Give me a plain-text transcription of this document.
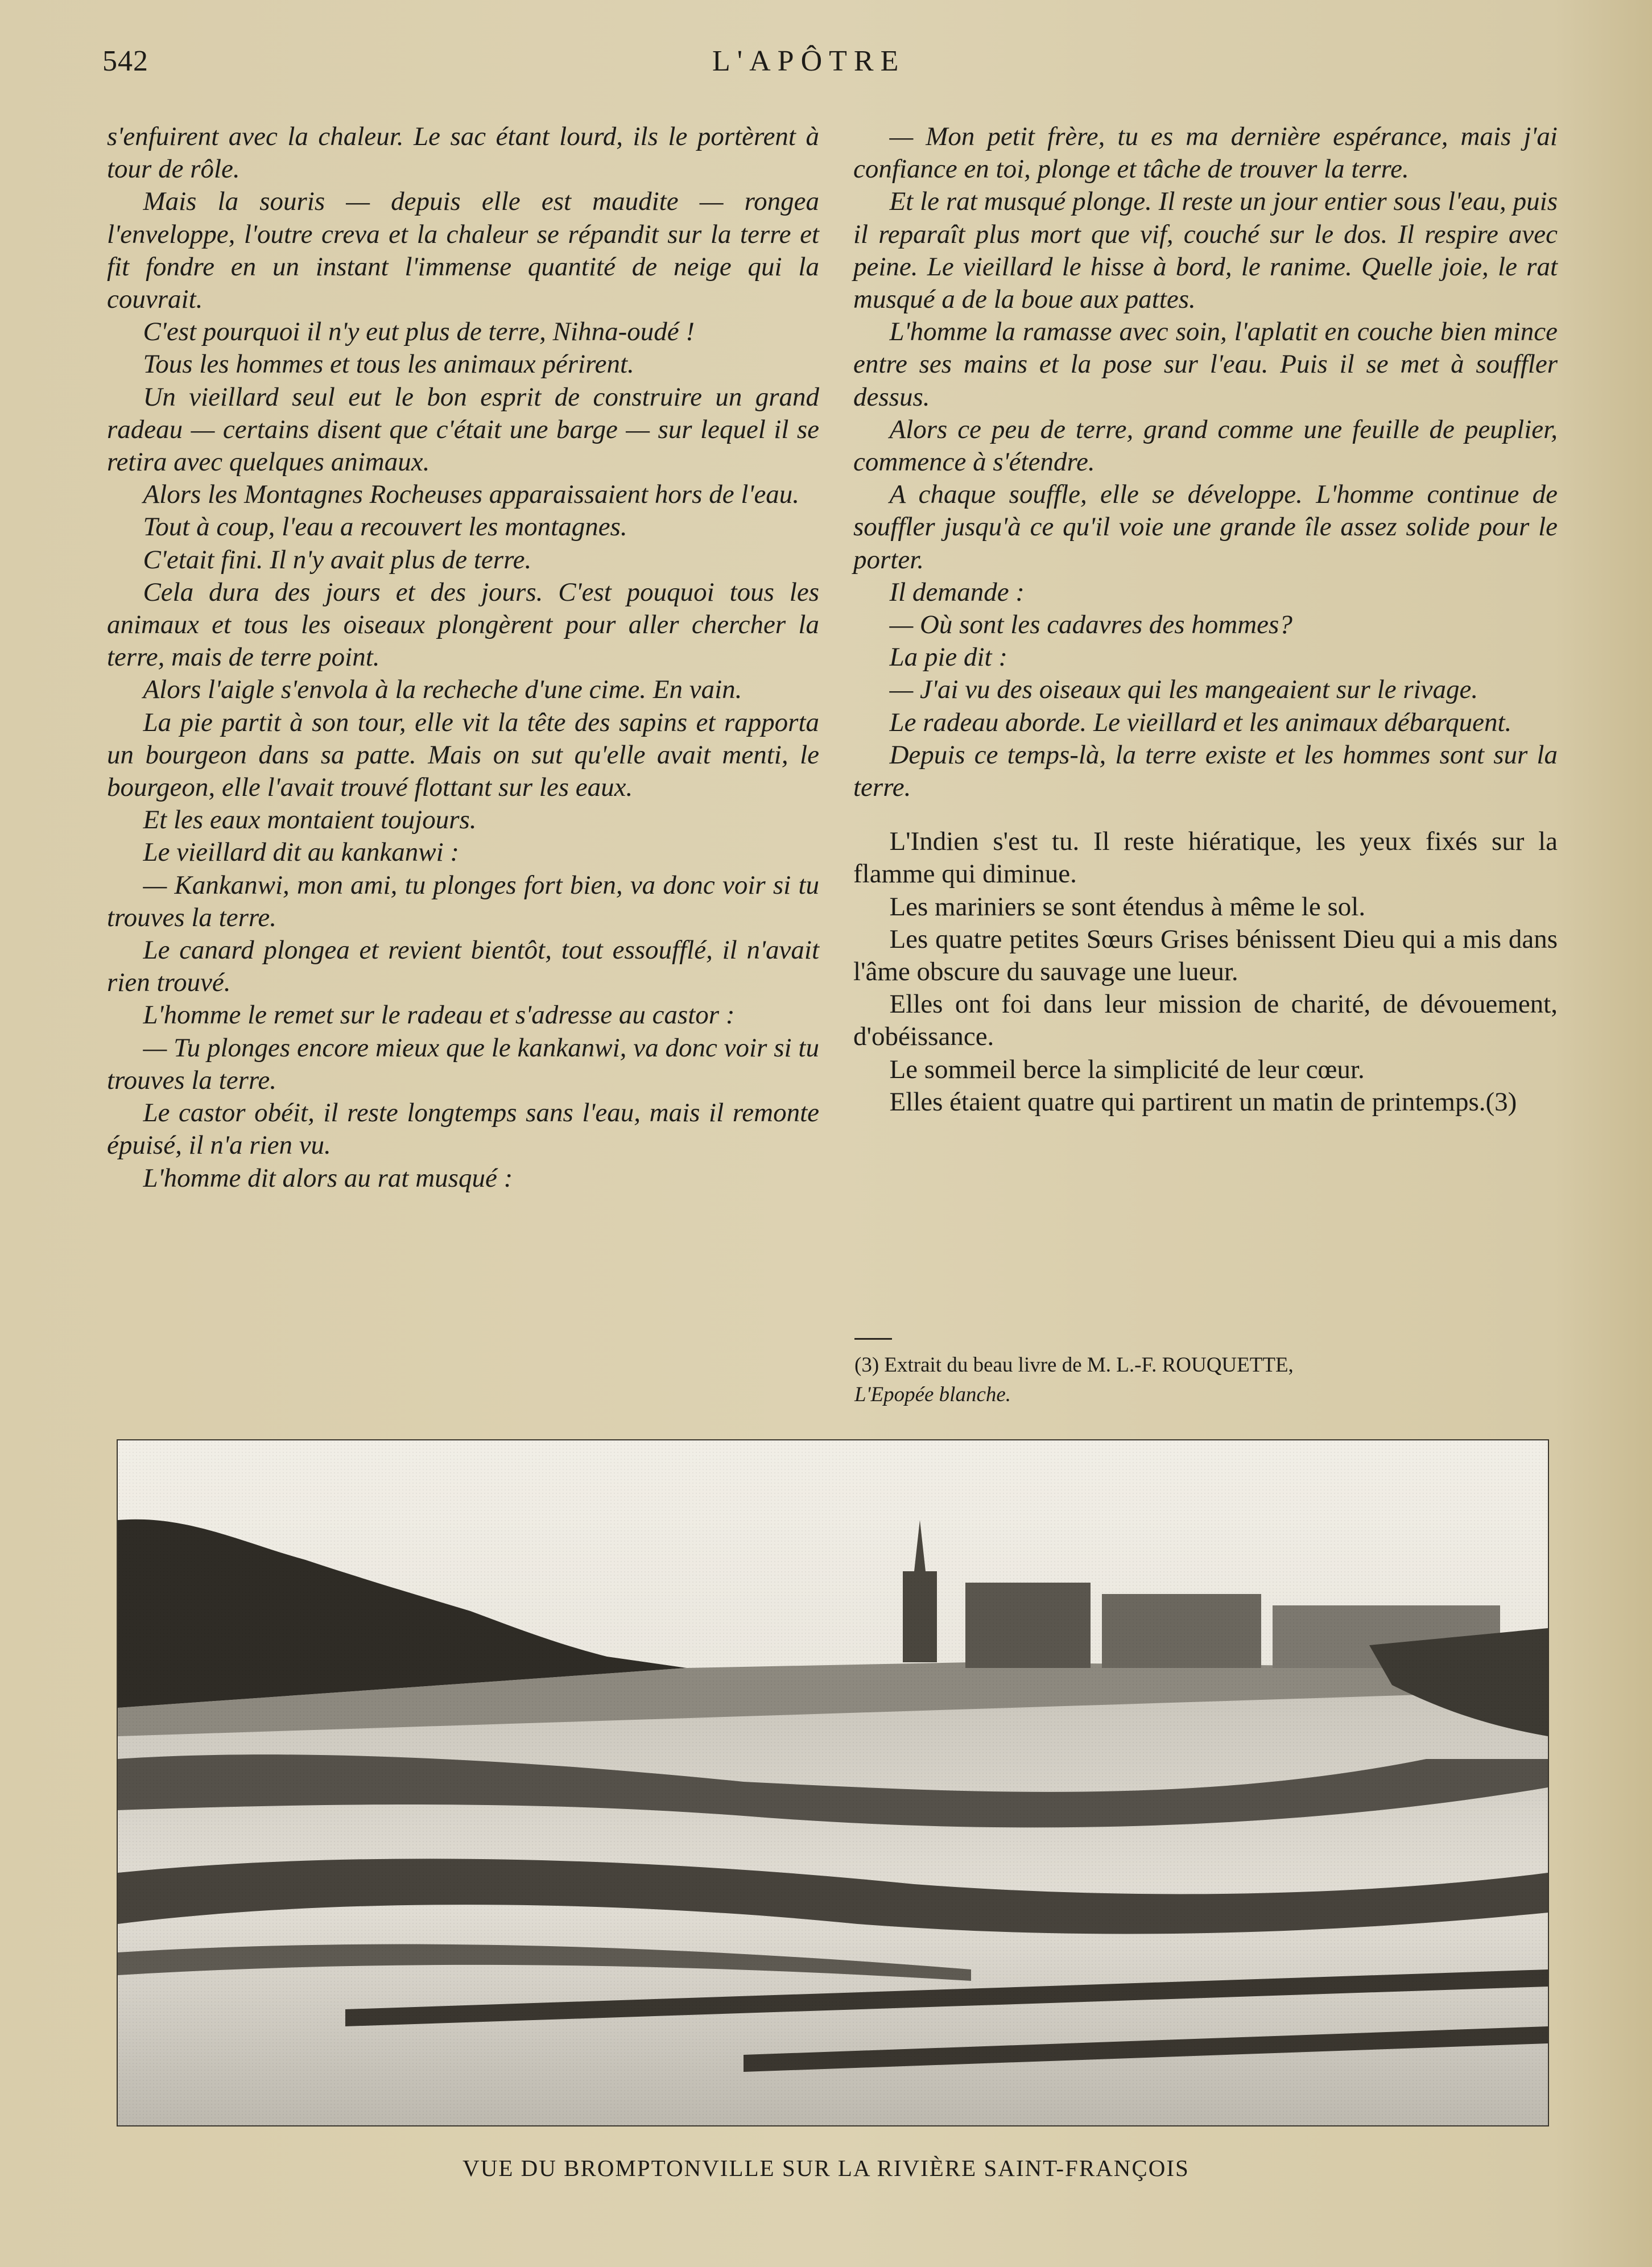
542	L'APÔTRE

s'enfuirent avec la chaleur. Le sac étant lourd, ils le portèrent à tour de rôle.

Mais la souris — depuis elle est maudite — rongea l'enveloppe, l'outre creva et la chaleur se répandit sur la terre et fit fondre en un instant l'immense quantité de neige qui la couvrait.

C'est pourquoi il n'y eut plus de terre, Nihna-oudé !

Tous les hommes et tous les animaux périrent.

Un vieillard seul eut le bon esprit de construire un grand radeau — certains disent que c'était une barge — sur lequel il se retira avec quelques animaux.

Alors les Montagnes Rocheuses apparaissaient hors de l'eau.

Tout à coup, l'eau a recouvert les montagnes.

C'etait fini. Il n'y avait plus de terre.

Cela dura des jours et des jours. C'est pouquoi tous les animaux et tous les oiseaux plongèrent pour aller chercher la terre, mais de terre point.

Alors l'aigle s'envola à la recheche d'une cime. En vain.

La pie partit à son tour, elle vit la tête des sapins et rapporta un bourgeon dans sa patte. Mais on sut qu'elle avait menti, le bourgeon, elle l'avait trouvé flottant sur les eaux.

Et les eaux montaient toujours.

Le vieillard dit au kankanwi :

— Kankanwi, mon ami, tu plonges fort bien, va donc voir si tu trouves la terre.

Le canard plongea et revient bientôt, tout essoufflé, il n'avait rien trouvé.

L'homme le remet sur le radeau et s'adresse au castor :

— Tu plonges encore mieux que le kankanwi, va donc voir si tu trouves la terre.

Le castor obéit, il reste longtemps sans l'eau, mais il remonte épuisé, il n'a rien vu.

L'homme dit alors au rat musqué :

— Mon petit frère, tu es ma dernière espérance, mais j'ai confiance en toi, plonge et tâche de trouver la terre.

Et le rat musqué plonge. Il reste un jour entier sous l'eau, puis il reparaît plus mort que vif, couché sur le dos. Il respire avec peine. Le vieillard le hisse à bord, le ranime. Quelle joie, le rat musqué a de la boue aux pattes.

L'homme la ramasse avec soin, l'aplatit en couche bien mince entre ses mains et la pose sur l'eau. Puis il se met à souffler dessus.

Alors ce peu de terre, grand comme une feuille de peuplier, commence à s'étendre.

A chaque souffle, elle se développe. L'homme continue de souffler jusqu'à ce qu'il voie une grande île assez solide pour le porter.

Il demande :

— Où sont les cadavres des hommes?

La pie dit :

— J'ai vu des oiseaux qui les mangeaient sur le rivage.

Le radeau aborde. Le vieillard et les animaux débarquent.

Depuis ce temps-là, la terre existe et les hommes sont sur la terre.

L'Indien s'est tu. Il reste hiératique, les yeux fixés sur la flamme qui diminue.

Les mariniers se sont étendus à même le sol.

Les quatre petites Sœurs Grises bénissent Dieu qui a mis dans l'âme obscure du sauvage une lueur.

Elles ont foi dans leur mission de charité, de dévouement, d'obéissance.

Le sommeil berce la simplicité de leur cœur.

Elles étaient quatre qui partirent un matin de printemps.(3)

(3) Extrait du beau livre de M. L.-F. ROUQUETTE,
L'Epopée blanche.
VUE DU BROMPTONVILLE SUR LA RIVIÈRE SAINT-FRANÇOIS
